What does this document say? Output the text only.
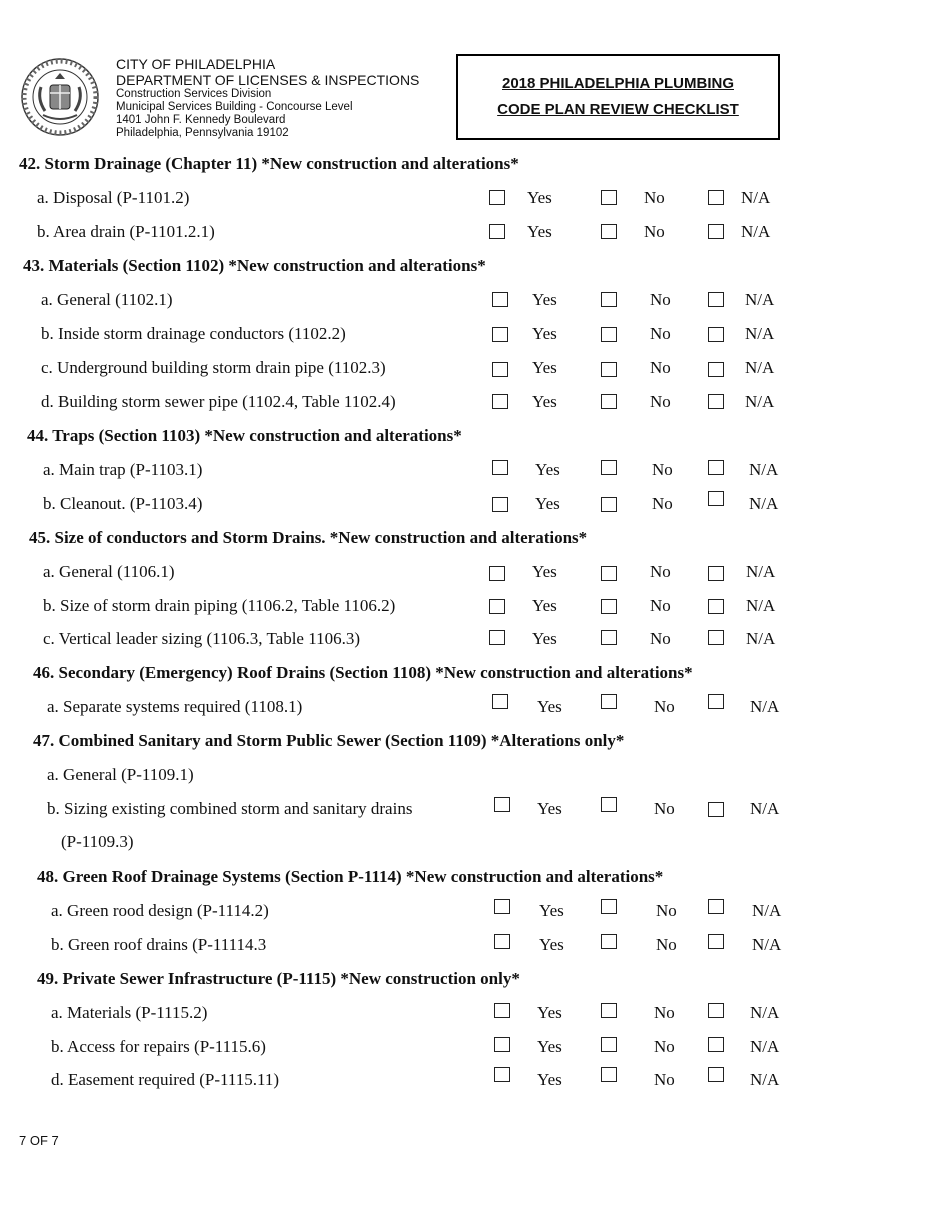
CITY OF PHILADELPHIA
DEPARTMENT OF LICENSES & INSPECTIONS
Construction Services Division
Municipal Services Building - Concourse Level
1401 John F. Kennedy Boulevard
Philadelphia, Pennsylvania 19102
2018 PHILADELPHIA PLUMBING
CODE PLAN REVIEW CHECKLIST
42. Storm Drainage (Chapter 11) *New construction and alterations*
a. Disposal (P-1101.2)	Yes	No	N/A
b. Area drain (P-1101.2.1)	Yes	No	N/A
43. Materials (Section 1102) *New construction and alterations*
a. General (1102.1)	Yes	No	N/A
b. Inside storm drainage conductors (1102.2)	Yes	No	N/A
c. Underground building storm drain pipe (1102.3)	Yes	No	N/A
d. Building storm sewer pipe (1102.4, Table 1102.4)	Yes	No	N/A
44. Traps (Section 1103) *New construction and alterations*
a. Main trap (P-1103.1)	Yes	No	N/A
b. Cleanout. (P-1103.4)	Yes	No	N/A
45. Size of conductors and Storm Drains. *New construction and alterations*
a. General (1106.1)	Yes	No	N/A
b. Size of storm drain piping (1106.2, Table 1106.2)	Yes	No	N/A
c. Vertical leader sizing (1106.3, Table 1106.3)	Yes	No	N/A
46. Secondary (Emergency) Roof Drains (Section 1108) *New construction and alterations*
a. Separate systems required (1108.1)	Yes	No	N/A
47. Combined Sanitary and Storm Public Sewer (Section 1109) *Alterations only*
a. General (P-1109.1)
b. Sizing existing combined storm and sanitary drains
(P-1109.3)
Yes	No	N/A
48. Green Roof Drainage Systems (Section P-1114) *New construction and alterations*
a. Green rood design (P-1114.2)	Yes	No	N/A
b. Green roof drains (P-11114.3	Yes	No	N/A
49. Private Sewer Infrastructure (P-1115) *New construction only*
a. Materials (P-1115.2)	Yes	No	N/A
b. Access for repairs (P-1115.6)	Yes	No	N/A
d. Easement required (P-1115.11)	Yes	No	N/A
7 OF 7
